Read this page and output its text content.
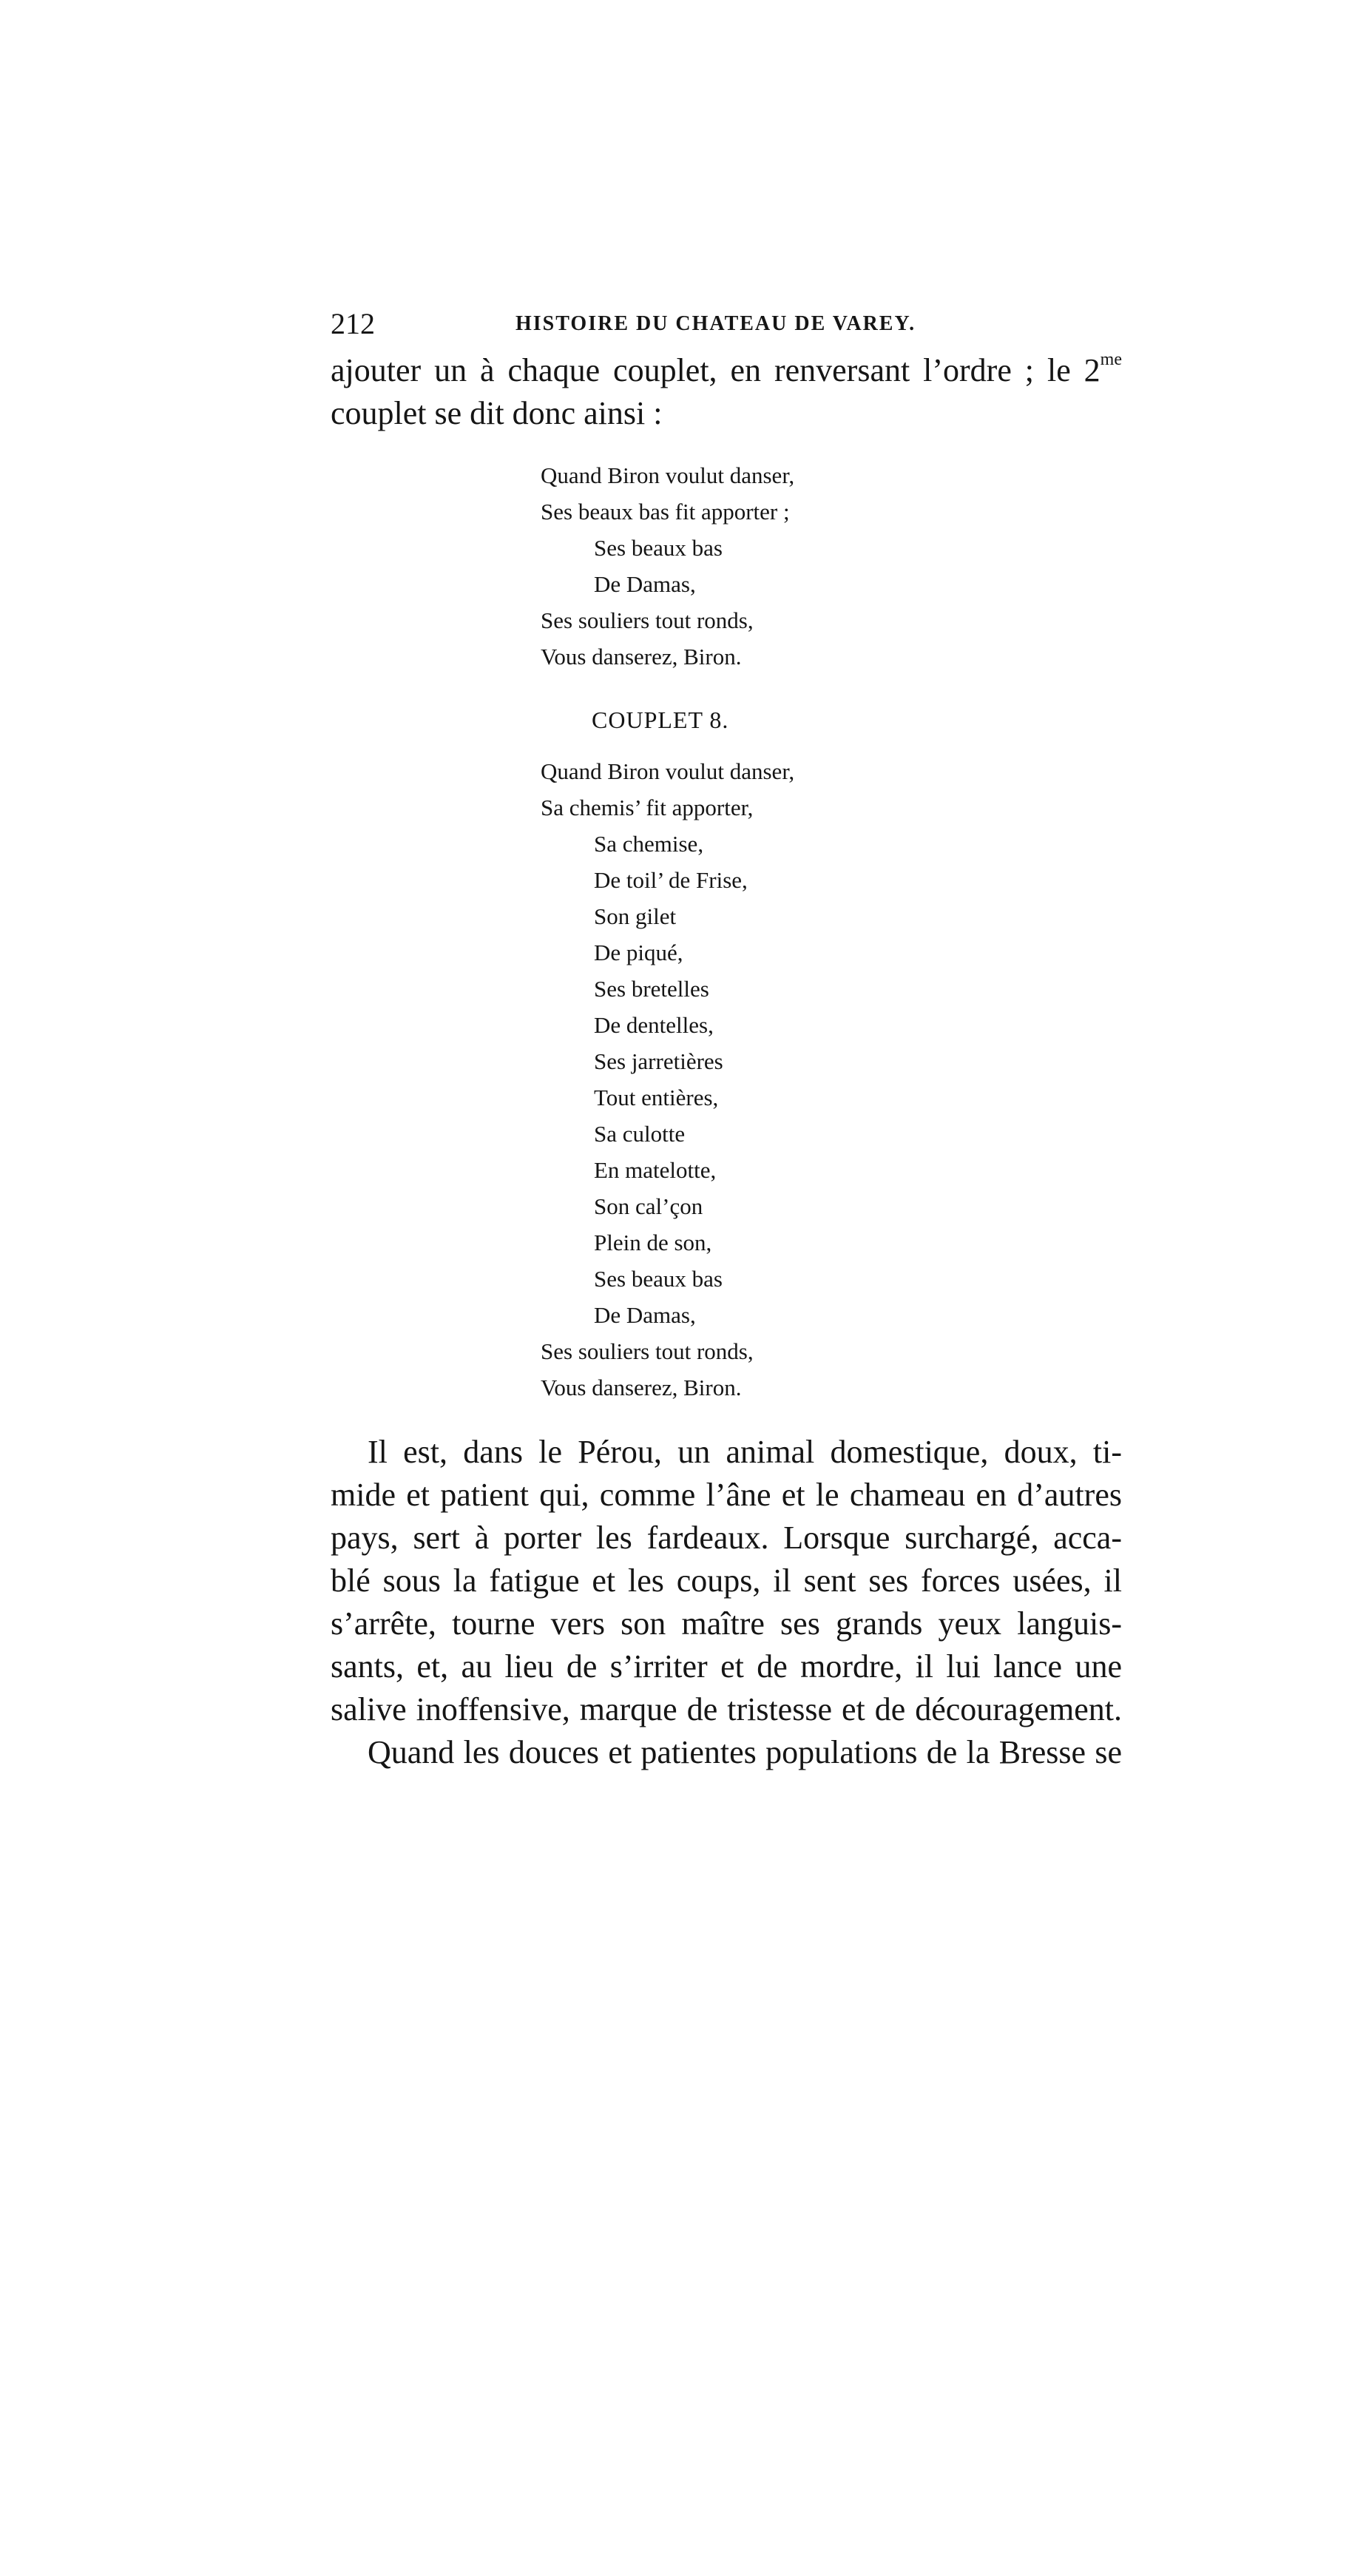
212	HISTOIRE DU CHATEAU DE VAREY.
ajouter un à chaque couplet, en renversant l’ordre ; le $2^{me}$
couplet se dit donc ainsi :
Quand Biron voulut danser,
Ses beaux bas fit apporter ;
Ses beaux bas
De Damas,
Ses souliers tout ronds,
Vous danserez, Biron.
COUPLET 8.
Quand Biron voulut danser,
Sa chemis’ fit apporter,
Sa chemise,
De toil’ de Frise,
Son gilet
De piqué,
Ses bretelles
De dentelles,
Ses jarretières
Tout entières,
Sa culotte
En matelotte,
Son cal’çon
Plein de son,
Ses beaux bas
De Damas,
Ses souliers tout ronds,
Vous danserez, Biron.
Il est, dans le Pérou, un animal domestique, doux, ti-
mide et patient qui, comme l’âne et le chameau en d’autres
pays, sert à porter les fardeaux. Lorsque surchargé, acca-
blé sous la fatigue et les coups, il sent ses forces usées, il
s’arrête, tourne vers son maître ses grands yeux languis-
sants, et, au lieu de s’irriter et de mordre, il lui lance une
salive inoffensive, marque de tristesse et de découragement.
Quand les douces et patientes populations de la Bresse se
